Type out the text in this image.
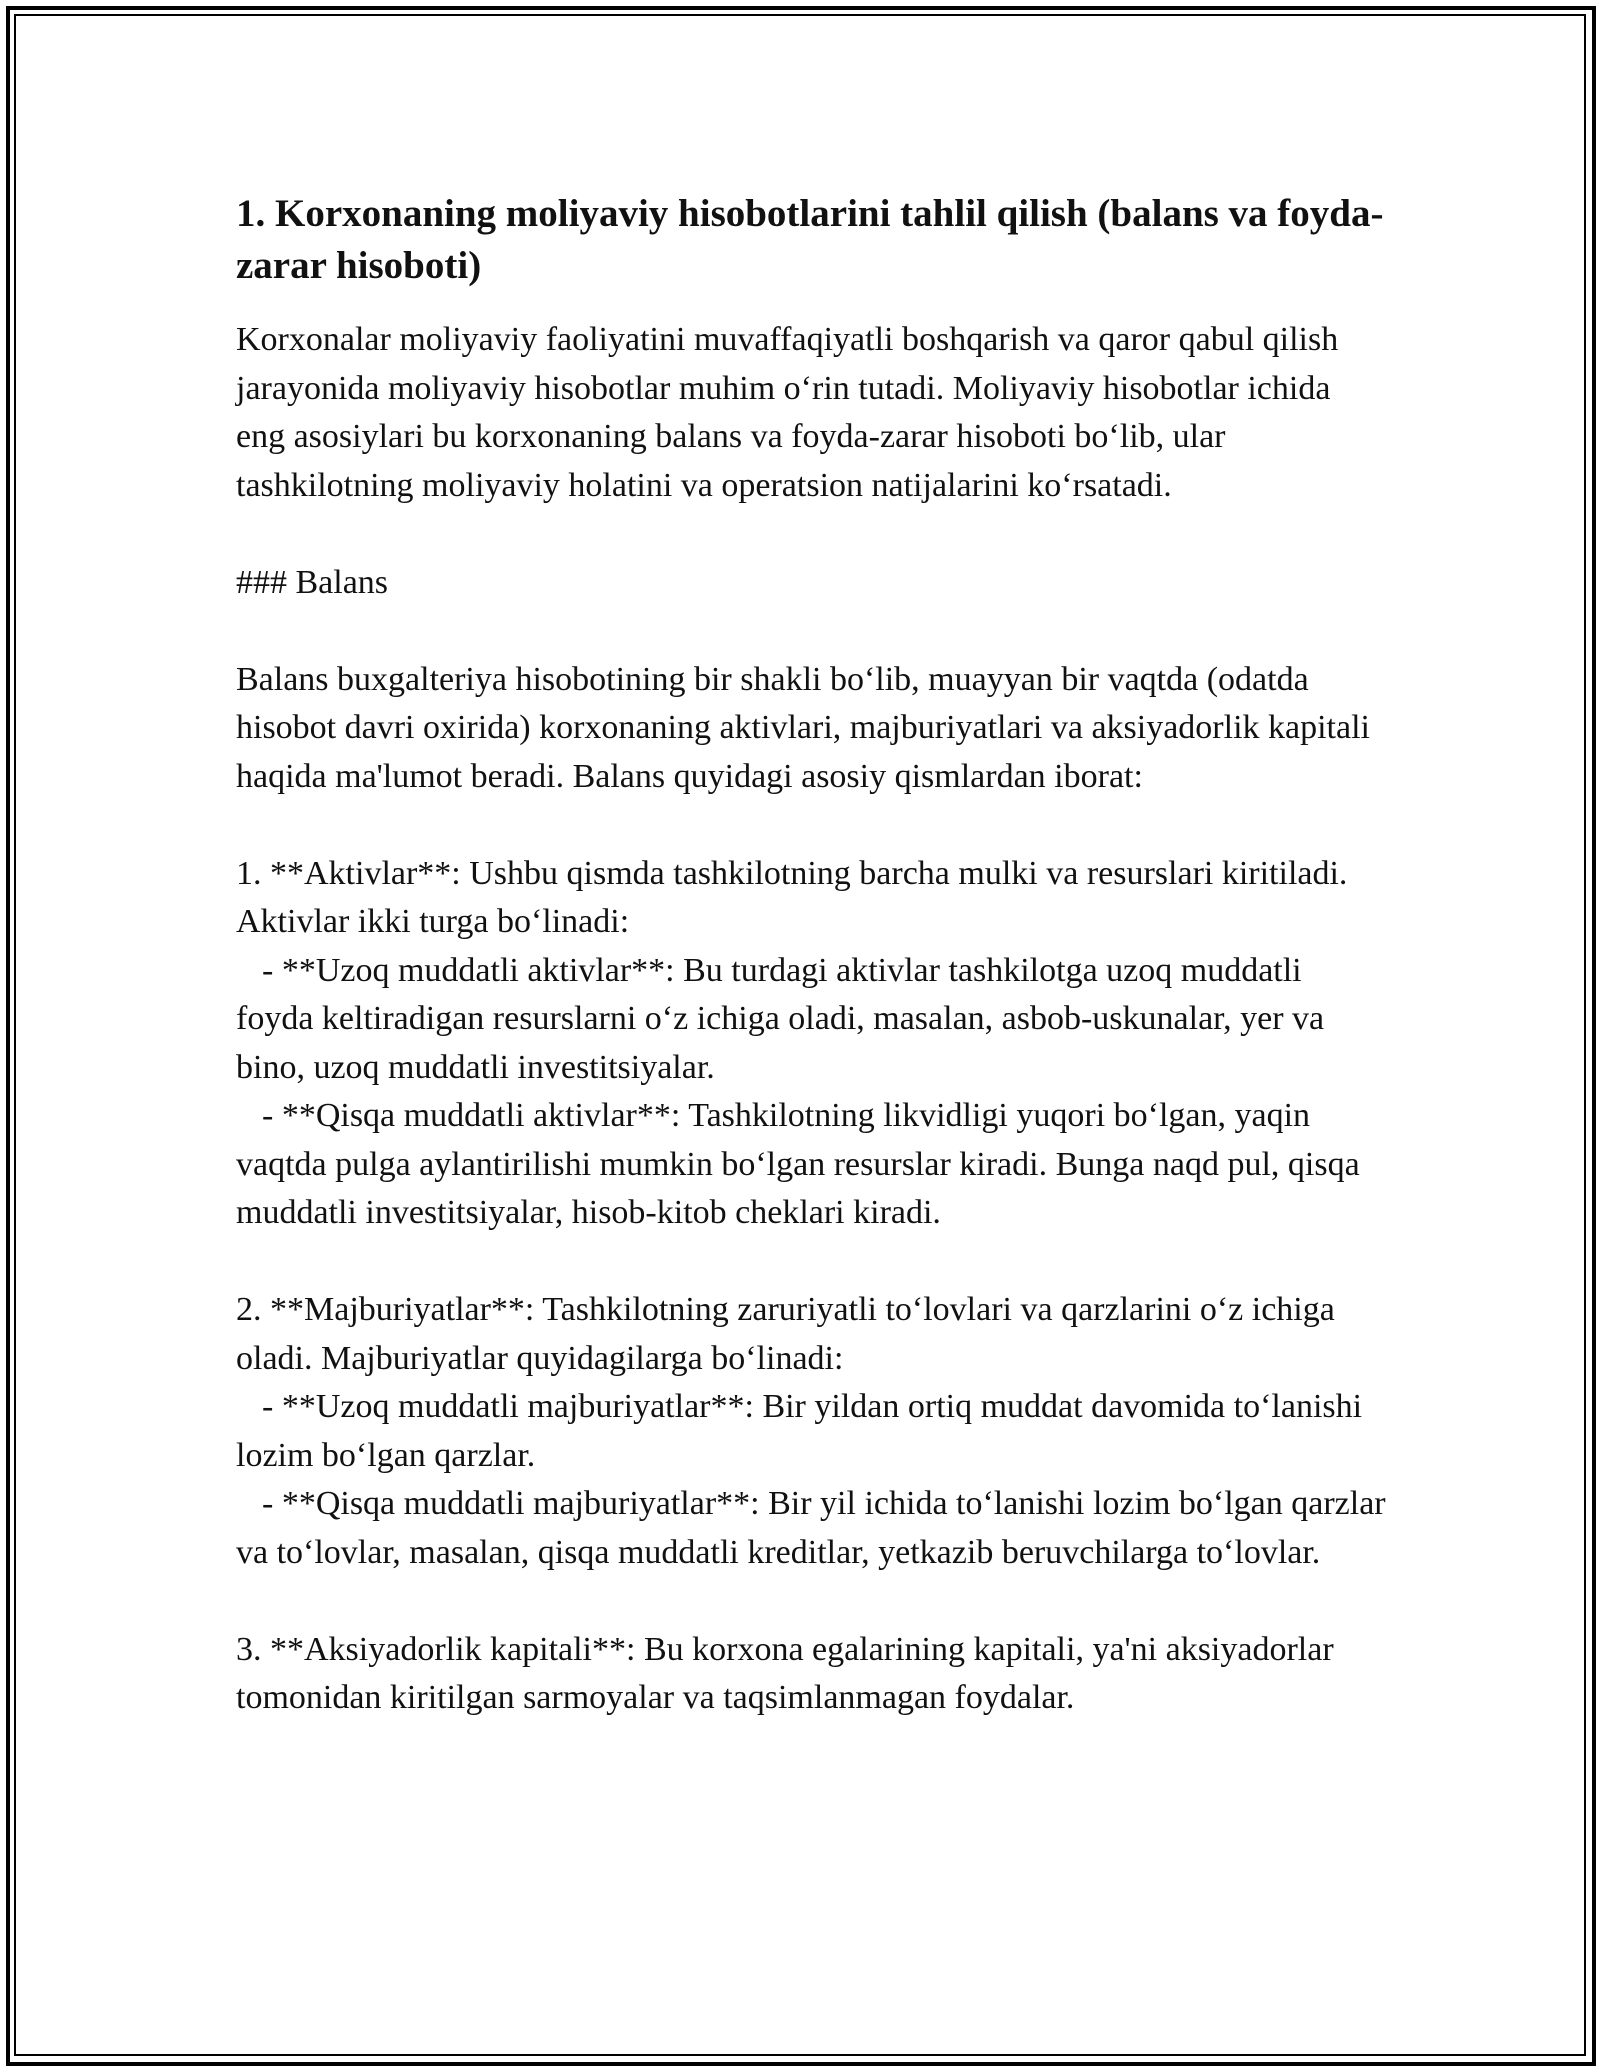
1. Korxonaning moliyaviy hisobotlarini tahlil qilish (balans va foyda-zarar hisoboti)

Korxonalar moliyaviy faoliyatini muvaffaqiyatli boshqarish va qaror qabul qilish jarayonida moliyaviy hisobotlar muhim o‘rin tutadi. Moliyaviy hisobotlar ichida eng asosiylari bu korxonaning balans va foyda-zarar hisoboti bo‘lib, ular tashkilotning moliyaviy holatini va operatsion natijalarini ko‘rsatadi.

### Balans

Balans buxgalteriya hisobotining bir shakli bo‘lib, muayyan bir vaqtda (odatda hisobot davri oxirida) korxonaning aktivlari, majburiyatlari va aksiyadorlik kapitali haqida ma'lumot beradi. Balans quyidagi asosiy qismlardan iborat:

1. **Aktivlar**: Ushbu qismda tashkilotning barcha mulki va resurslari kiritiladi. Aktivlar ikki turga bo‘linadi:

- **Uzoq muddatli aktivlar**: Bu turdagi aktivlar tashkilotga uzoq muddatli foyda keltiradigan resurslarni o‘z ichiga oladi, masalan, asbob-uskunalar, yer va bino, uzoq muddatli investitsiyalar.

- **Qisqa muddatli aktivlar**: Tashkilotning likvidligi yuqori bo‘lgan, yaqin vaqtda pulga aylantirilishi mumkin bo‘lgan resurslar kiradi. Bunga naqd pul, qisqa muddatli investitsiyalar, hisob-kitob cheklari kiradi.

2. **Majburiyatlar**: Tashkilotning zaruriyatli to‘lovlari va qarzlarini o‘z ichiga oladi. Majburiyatlar quyidagilarga bo‘linadi:

- **Uzoq muddatli majburiyatlar**: Bir yildan ortiq muddat davomida to‘lanishi lozim bo‘lgan qarzlar.

- **Qisqa muddatli majburiyatlar**: Bir yil ichida to‘lanishi lozim bo‘lgan qarzlar va to‘lovlar, masalan, qisqa muddatli kreditlar, yetkazib beruvchilarga to‘lovlar.

3. **Aksiyadorlik kapitali**: Bu korxona egalarining kapitali, ya'ni aksiyadorlar tomonidan kiritilgan sarmoyalar va taqsimlanmagan foydalar.
